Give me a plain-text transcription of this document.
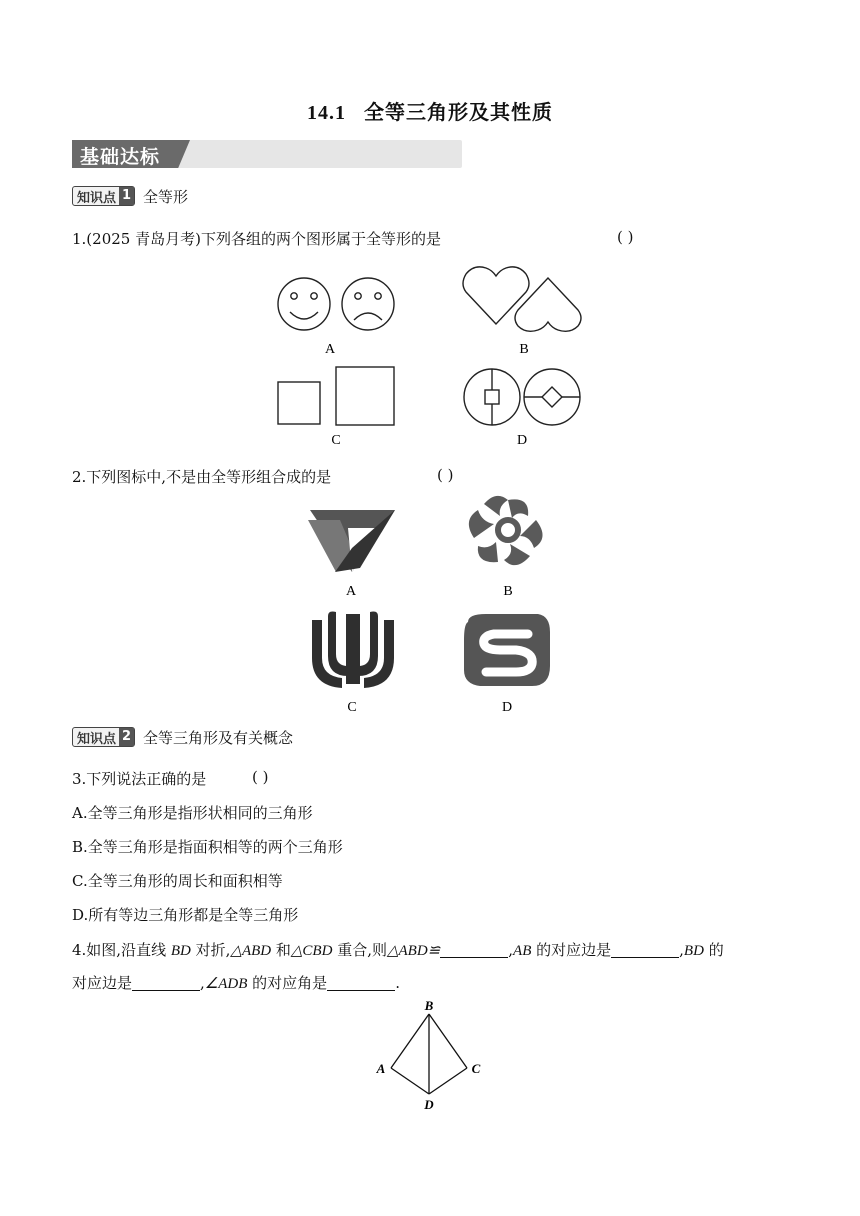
14.1 全等三角形及其性质
基础达标
知识点 1 全等形
1.(2025 青岛月考)下列各组的两个图形属于全等形的是	( )
A	B
C	D
2.下列图标中,不是由全等形组合成的是	( )
A	B
C	D
知识点 2 全等三角形及有关概念
3.下列说法正确的是	( )
A.全等三角形是指形状相同的三角形
B.全等三角形是指面积相等的两个三角形
C.全等三角形的周长和面积相等
D.所有等边三角形都是全等三角形
4.如图,沿直线 BD 对折,△ABD 和△CBD 重合,则△ABD≌	,AB 的对应边是	,BD 的
对应边是	,∠ADB 的对应角是	.
B
A	C
D
